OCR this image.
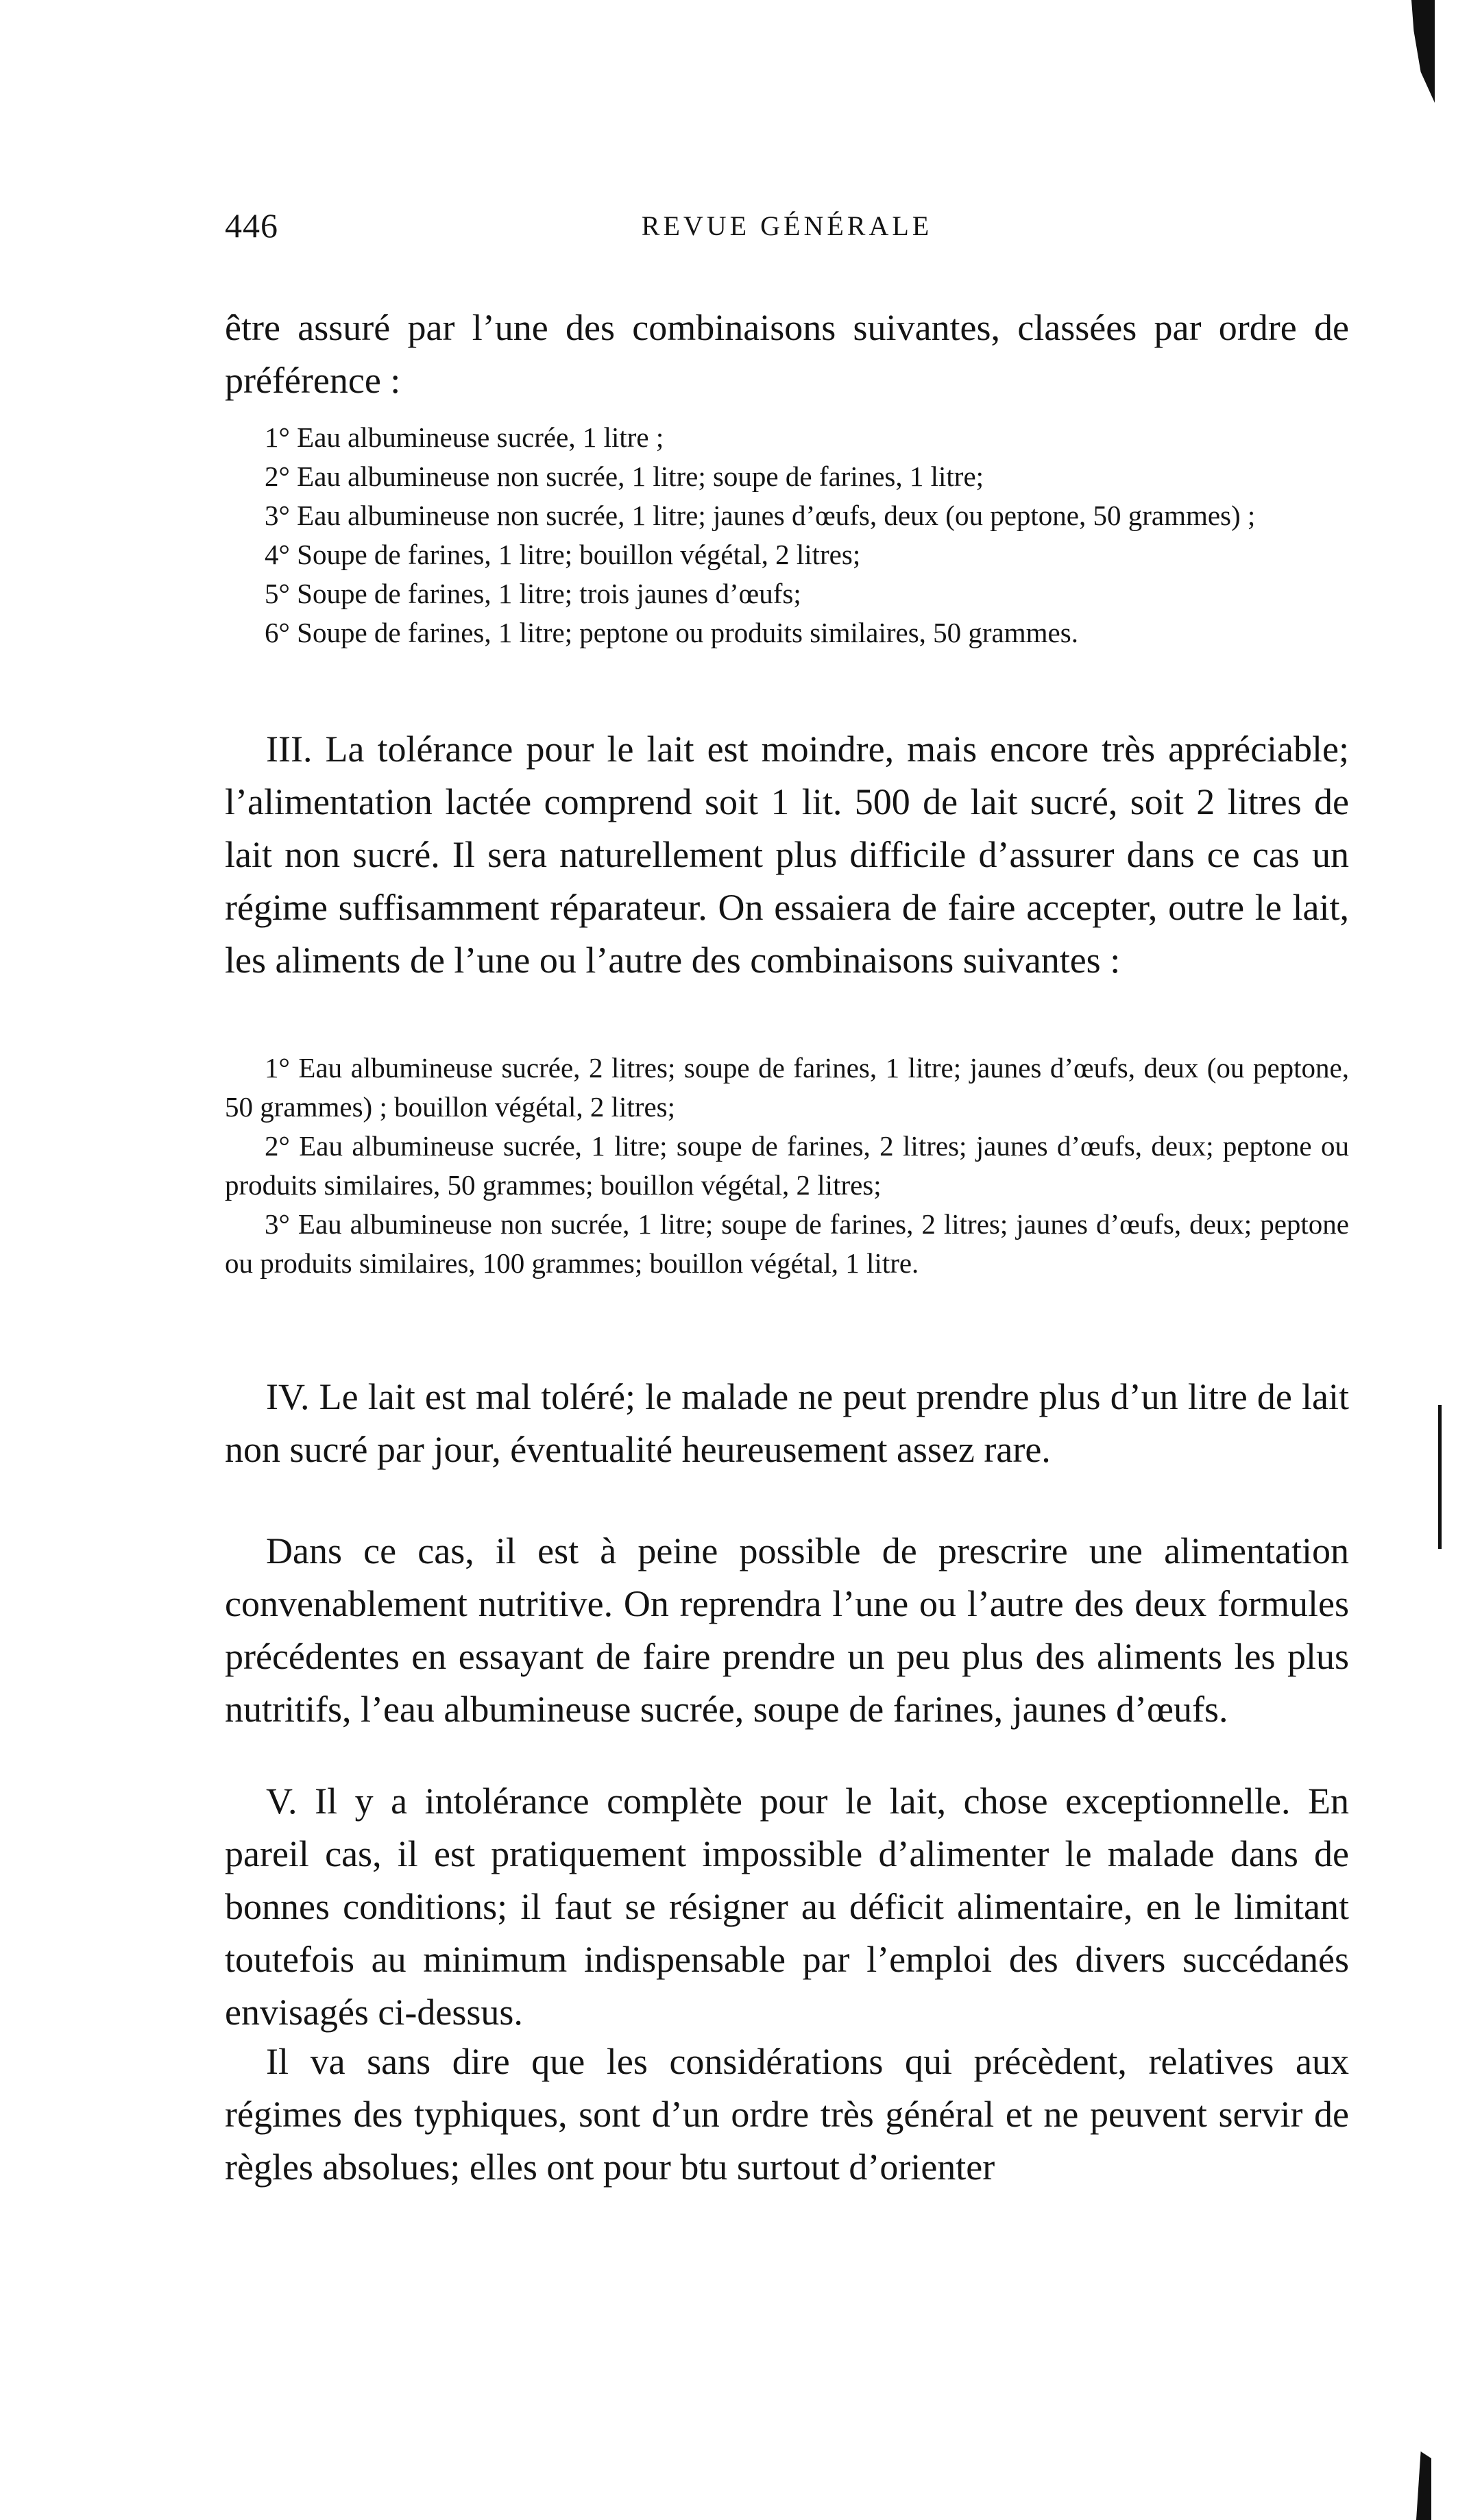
446	REVUE GÉNÉRALE

être assuré par l’une des combinaisons suivantes, classées par ordre de préférence :

1° Eau albumineuse sucrée, 1 litre ;
2° Eau albumineuse non sucrée, 1 litre; soupe de farines, 1 litre;
3° Eau albumineuse non sucrée, 1 litre; jaunes d’œufs, deux (ou peptone, 50 grammes) ;
4° Soupe de farines, 1 litre; bouillon végétal, 2 litres;
5° Soupe de farines, 1 litre; trois jaunes d’œufs;
6° Soupe de farines, 1 litre; peptone ou produits similaires, 50 grammes.

III. La tolérance pour le lait est moindre, mais encore très appréciable; l’alimentation lactée comprend soit 1 lit. 500 de lait sucré, soit 2 litres de lait non sucré. Il sera naturellement plus difficile d’assurer dans ce cas un régime suffisamment réparateur. On essaiera de faire accepter, outre le lait, les aliments de l’une ou l’autre des combinaisons suivantes :

1° Eau albumineuse sucrée, 2 litres; soupe de farines, 1 litre; jaunes d’œufs, deux (ou peptone, 50 grammes) ; bouillon végétal, 2 litres;
2° Eau albumineuse sucrée, 1 litre; soupe de farines, 2 litres; jaunes d’œufs, deux; peptone ou produits similaires, 50 grammes; bouillon végétal, 2 litres;
3° Eau albumineuse non sucrée, 1 litre; soupe de farines, 2 litres; jaunes d’œufs, deux; peptone ou produits similaires, 100 grammes; bouillon végétal, 1 litre.

IV. Le lait est mal toléré; le malade ne peut prendre plus d’un litre de lait non sucré par jour, éventualité heureusement assez rare.

Dans ce cas, il est à peine possible de prescrire une alimentation convenablement nutritive. On reprendra l’une ou l’autre des deux formules précédentes en essayant de faire prendre un peu plus des aliments les plus nutritifs, l’eau albumineuse sucrée, soupe de farines, jaunes d’œufs.

V. Il y a intolérance complète pour le lait, chose exceptionnelle. En pareil cas, il est pratiquement impossible d’alimenter le malade dans de bonnes conditions; il faut se résigner au déficit alimentaire, en le limitant toutefois au minimum indispensable par l’emploi des divers succédanés envisagés ci-dessus.

Il va sans dire que les considérations qui précèdent, relatives aux régimes des typhiques, sont d’un ordre très général et ne peuvent servir de règles absolues; elles ont pour btu surtout d’orienter
